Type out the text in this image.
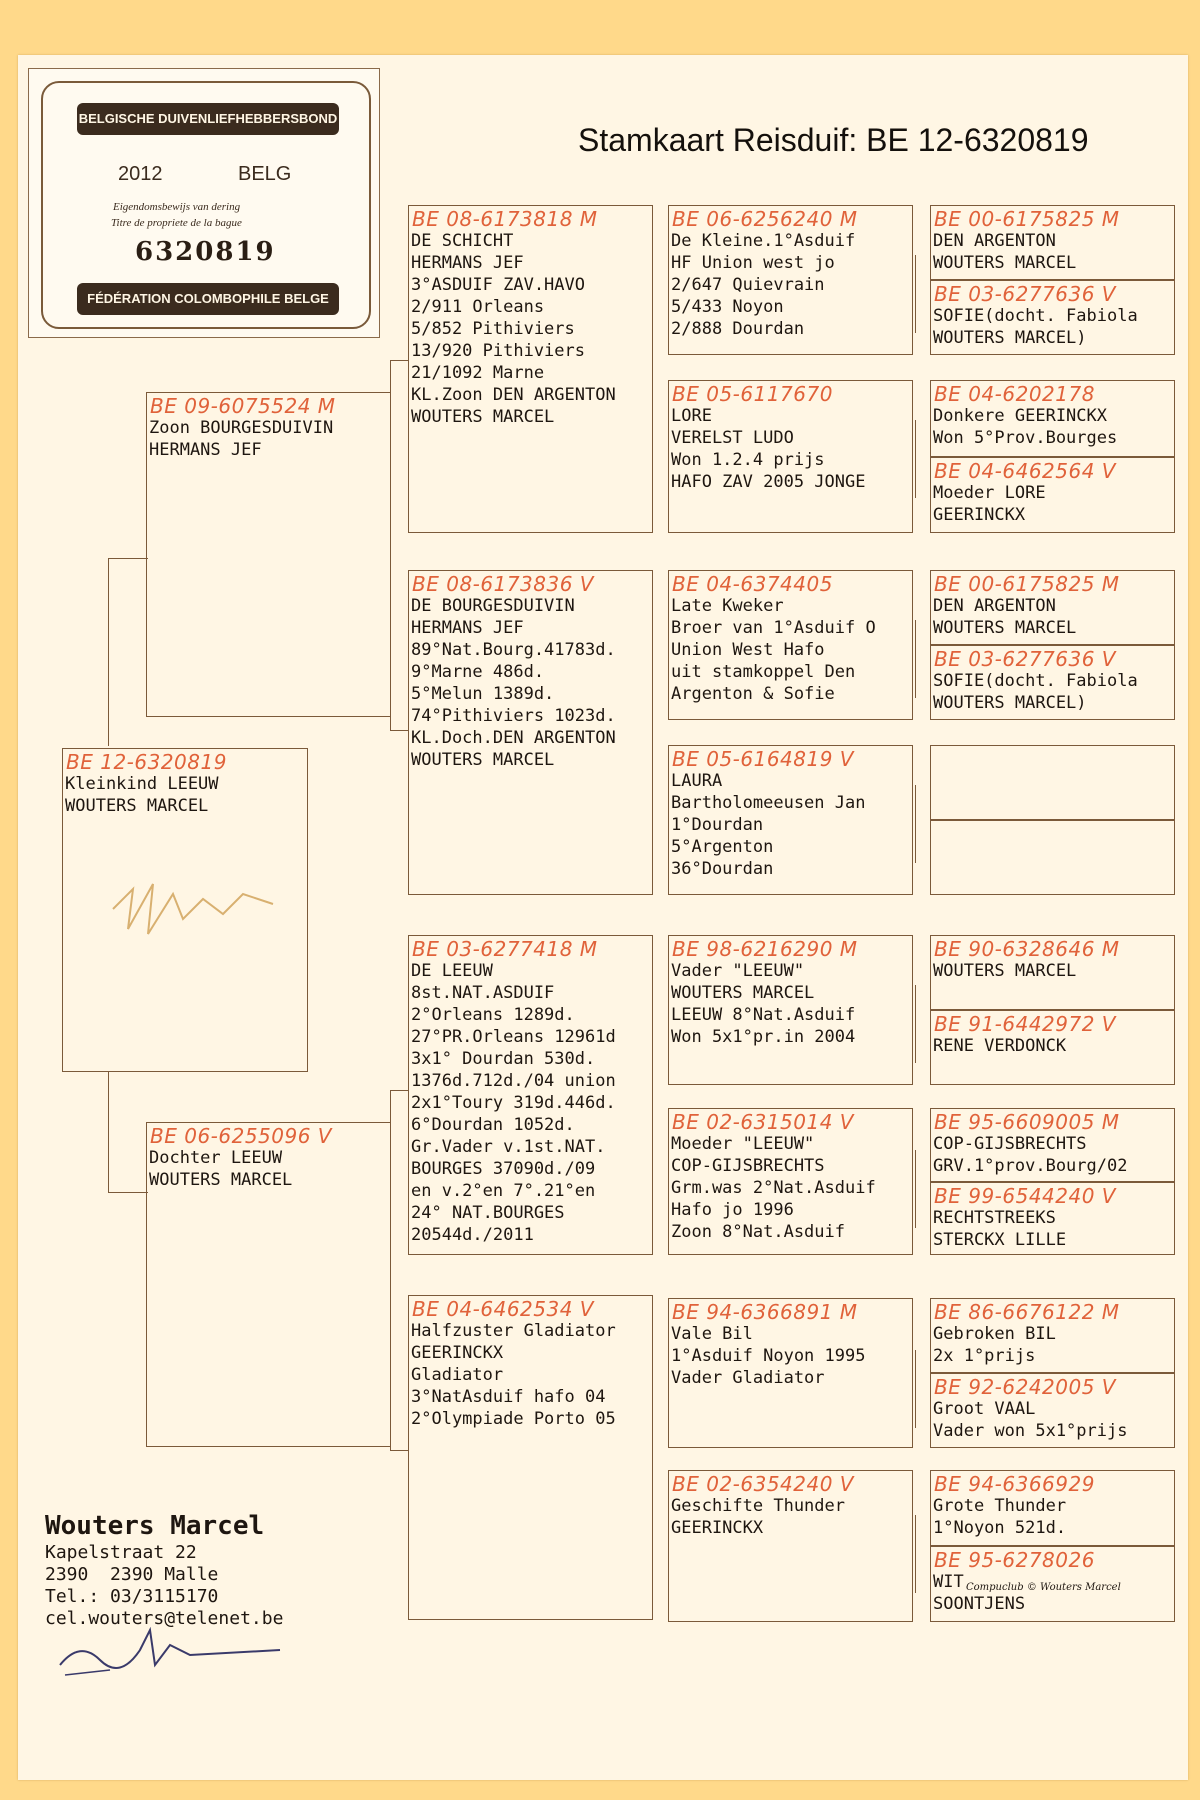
BELGISCHE DUIVENLIEFHEBBERSBOND
2012	BELG
Eigendomsbewijs van dering
Titre de propriete de la bague
6320819
FÉDÉRATION COLOMBOPHILE BELGE
Stamkaart Reisduif: BE 12-6320819
BE 12-6320819
Kleinkind LEEUW
WOUTERS MARCEL
BE 09-6075524 M
Zoon BOURGESDUIVIN
HERMANS JEF
BE 06-6255096 V
Dochter LEEUW
WOUTERS MARCEL
BE 08-6173818 M
DE SCHICHT
HERMANS JEF
3°ASDUIF ZAV.HAVO
2/911 Orleans
5/852 Pithiviers
13/920 Pithiviers
21/1092 Marne
KL.Zoon DEN ARGENTON
WOUTERS MARCEL
BE 08-6173836 V
DE BOURGESDUIVIN
HERMANS JEF
89°Nat.Bourg.41783d.
9°Marne 486d.
5°Melun 1389d.
74°Pithiviers 1023d.
KL.Doch.DEN ARGENTON
WOUTERS MARCEL
BE 03-6277418 M
DE LEEUW
8st.NAT.ASDUIF
2°Orleans 1289d.
27°PR.Orleans 12961d
3x1° Dourdan 530d.
1376d.712d./04 union
2x1°Toury 319d.446d.
6°Dourdan 1052d.
Gr.Vader v.1st.NAT.
BOURGES 37090d./09
en v.2°en 7°.21°en
24° NAT.BOURGES
20544d./2011
BE 04-6462534 V
Halfzuster Gladiator
GEERINCKX
Gladiator
3°NatAsduif hafo 04
2°Olympiade Porto 05
BE 06-6256240 M
De Kleine.1°Asduif
HF Union west jo
2/647 Quievrain
5/433 Noyon
2/888 Dourdan
BE 05-6117670
LORE
VERELST LUDO
Won 1.2.4 prijs
HAFO ZAV 2005 JONGE
BE 04-6374405
Late Kweker
Broer van 1°Asduif O
Union West Hafo
uit stamkoppel Den
Argenton & Sofie
BE 05-6164819 V
LAURA
Bartholomeeusen Jan
1°Dourdan
5°Argenton
36°Dourdan
BE 98-6216290 M
Vader "LEEUW"
WOUTERS MARCEL
LEEUW 8°Nat.Asduif
Won 5x1°pr.in 2004
BE 02-6315014 V
Moeder "LEEUW"
COP-GIJSBRECHTS
Grm.was 2°Nat.Asduif
Hafo jo 1996
Zoon 8°Nat.Asduif
BE 94-6366891 M
Vale Bil
1°Asduif Noyon 1995
Vader Gladiator
BE 02-6354240 V
Geschifte Thunder
GEERINCKX
BE 00-6175825 M
DEN ARGENTON
WOUTERS MARCEL
BE 03-6277636 V
SOFIE(docht. Fabiola
WOUTERS MARCEL)
BE 04-6202178
Donkere GEERINCKX
Won 5°Prov.Bourges
BE 04-6462564 V
Moeder LORE
GEERINCKX
BE 00-6175825 M
DEN ARGENTON
WOUTERS MARCEL
BE 03-6277636 V
SOFIE(docht. Fabiola
WOUTERS MARCEL)
BE 90-6328646 M
WOUTERS MARCEL
BE 91-6442972 V
RENE VERDONCK
BE 95-6609005 M
COP-GIJSBRECHTS
GRV.1°prov.Bourg/02
BE 99-6544240 V
RECHTSTREEKS
STERCKX LILLE
BE 86-6676122 M
Gebroken BIL
2x 1°prijs
BE 92-6242005 V
Groot VAAL
Vader won 5x1°prijs
BE 94-6366929
Grote Thunder
1°Noyon 521d.
BE 95-6278026
WIT
SOONTJENS
Compuclub © Wouters Marcel
Wouters Marcel
Kapelstraat 22
2390  2390 Malle
Tel.: 03/3115170
cel.wouters@telenet.be
